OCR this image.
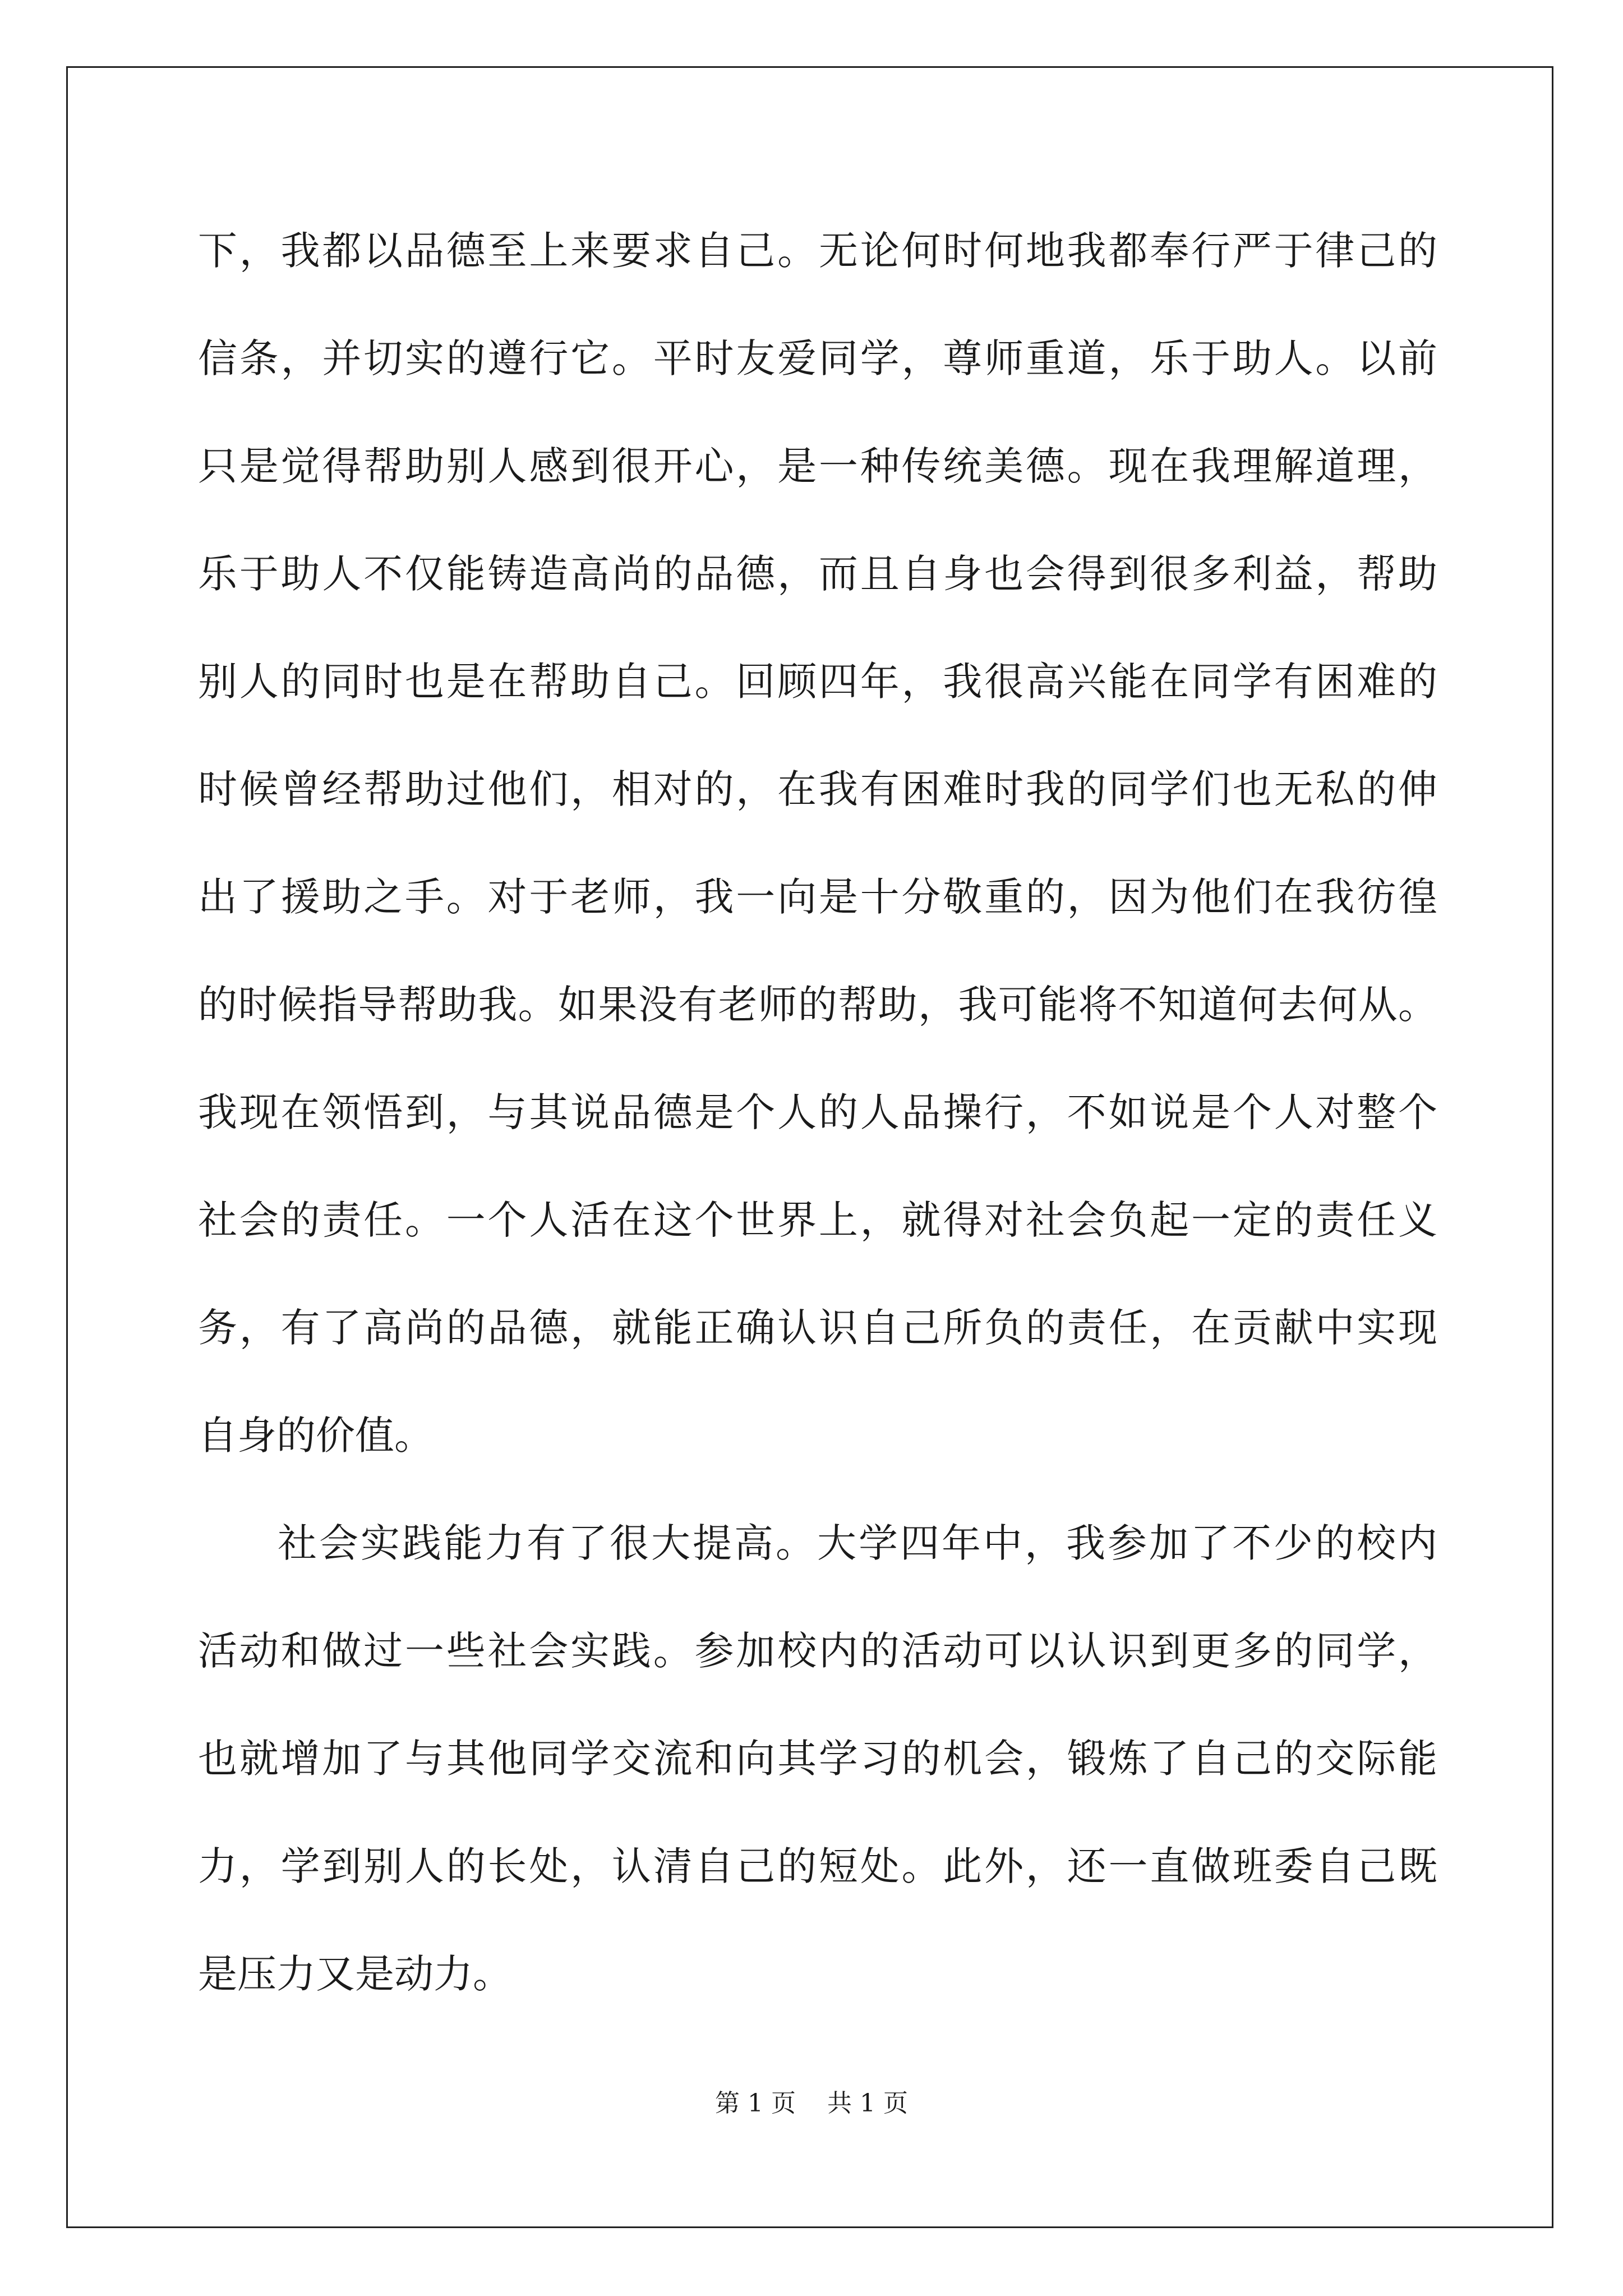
下，我都以品德至上来要求自己。无论何时何地我都奉行严于律己的
信条，并切实的遵行它。平时友爱同学，尊师重道，乐于助人。以前
只是觉得帮助别人感到很开心，是一种传统美德。现在我理解道理，
乐于助人不仅能铸造高尚的品德，而且自身也会得到很多利益，帮助
别人的同时也是在帮助自己。回顾四年，我很高兴能在同学有困难的
时候曾经帮助过他们，相对的，在我有困难时我的同学们也无私的伸
出了援助之手。对于老师，我一向是十分敬重的，因为他们在我彷徨
的时候指导帮助我。如果没有老师的帮助，我可能将不知道何去何从。
我现在领悟到，与其说品德是个人的人品操行，不如说是个人对整个
社会的责任。一个人活在这个世界上，就得对社会负起一定的责任义
务，有了高尚的品德，就能正确认识自己所负的责任，在贡献中实现
自身的价值。
社会实践能力有了很大提高。大学四年中，我参加了不少的校内
活动和做过一些社会实践。参加校内的活动可以认识到更多的同学，
也就增加了与其他同学交流和向其学习的机会，锻炼了自己的交际能
力，学到别人的长处，认清自己的短处。此外，还一直做班委自己既
是压力又是动力。
第 1 页 共 1 页
